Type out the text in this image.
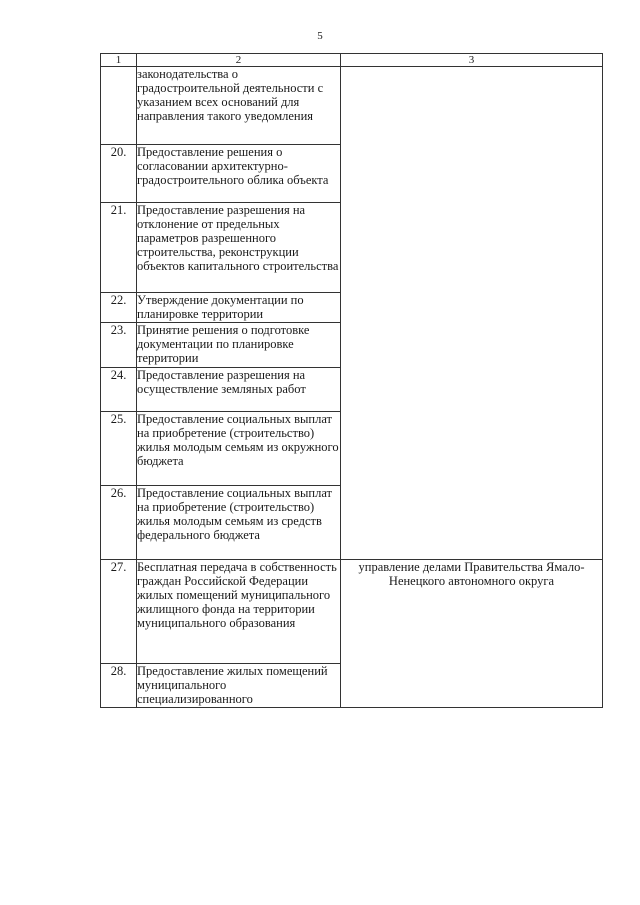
5
1	2	3
	законодательства о градостроительной деятельности с указанием всех оснований для направления такого уведомления	
20.	Предоставление решения о согласовании архитектурно-градостроительного облика объекта	
21.	Предоставление разрешения на отклонение от предельных параметров разрешенного строительства, реконструкции объектов капитального строительства	
22.	Утверждение документации по планировке территории	
23.	Принятие решения о подготовке документации по планировке территории	
24.	Предоставление разрешения на осуществление земляных работ	
25.	Предоставление социальных выплат на приобретение (строительство) жилья молодым семьям из окружного бюджета	
26.	Предоставление социальных выплат на приобретение (строительство) жилья молодым семьям из средств федерального бюджета	
27.	Бесплатная передача в собственность граждан Российской Федерации жилых помещений муниципального жилищного фонда на территории муниципального образования	управление делами Правительства Ямало-Ненецкого автономного округа
28.	Предоставление жилых помещений муниципального специализированного	
